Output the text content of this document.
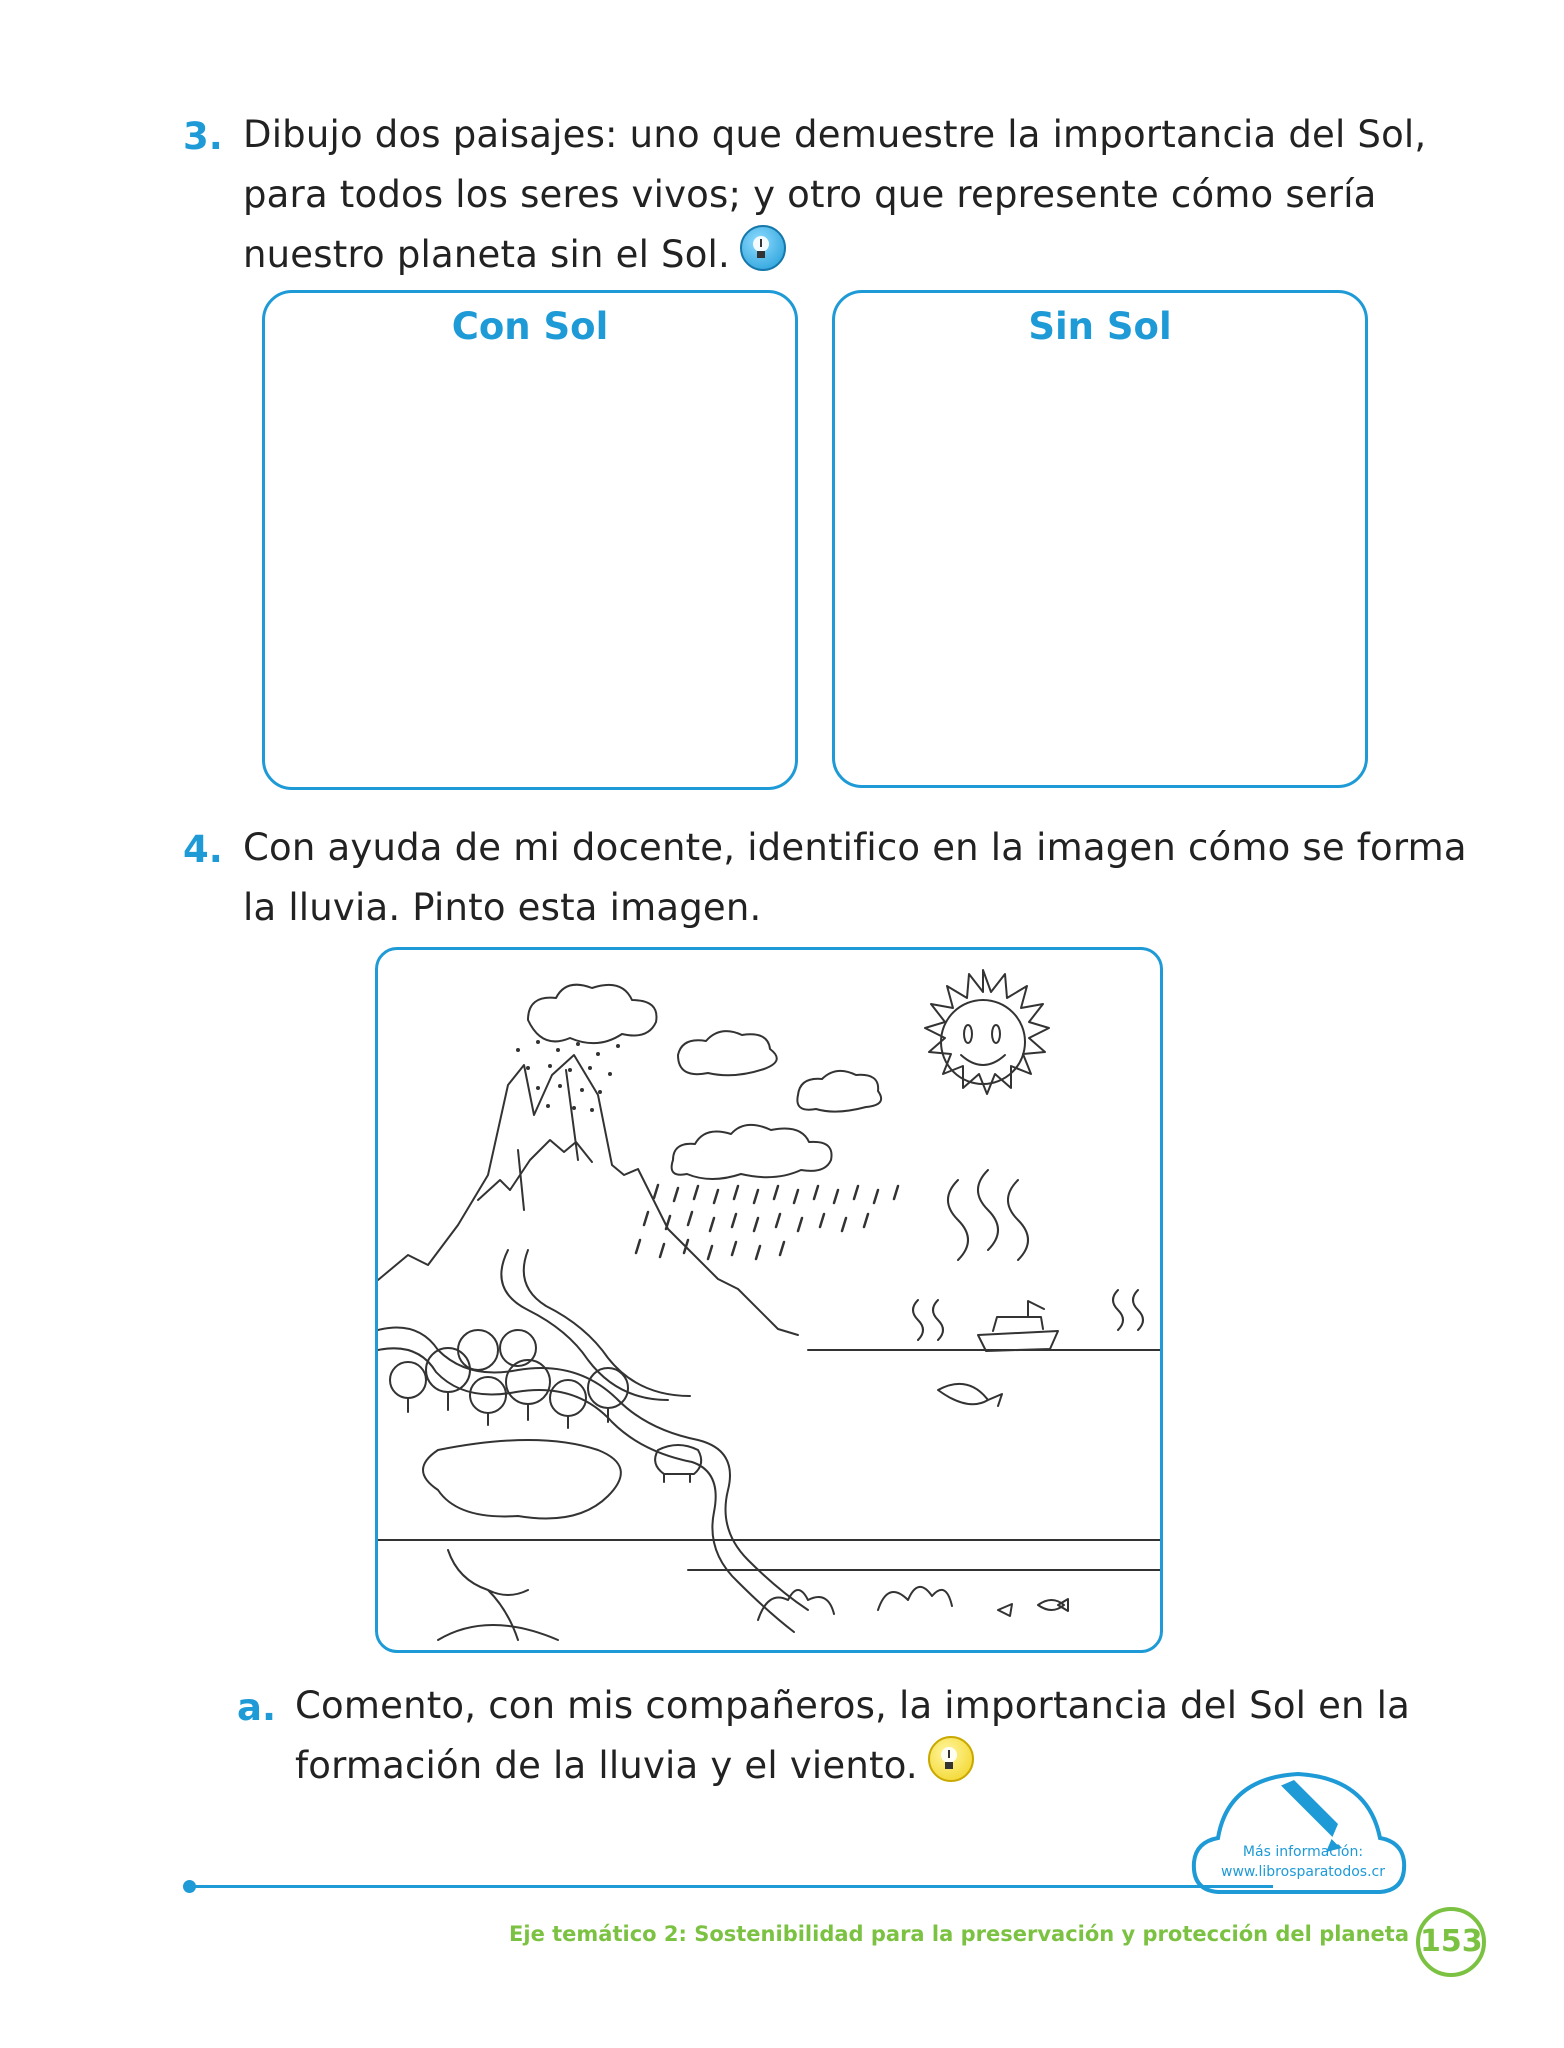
3. Dibujo dos paisajes: uno que demuestre la importancia del Sol,
para todos los seres vivos; y otro que represente cómo sería
nuestro planeta sin el Sol.
Con Sol	Sin Sol
4. Con ayuda de mi docente, identifico en la imagen cómo se forma
la lluvia. Pinto esta imagen.
a. Comento, con mis compañeros, la importancia del Sol en la
formación de la lluvia y el viento.
Más información:
www.librosparatodos.cr
Eje temático 2: Sostenibilidad para la preservación y protección del planeta 153
